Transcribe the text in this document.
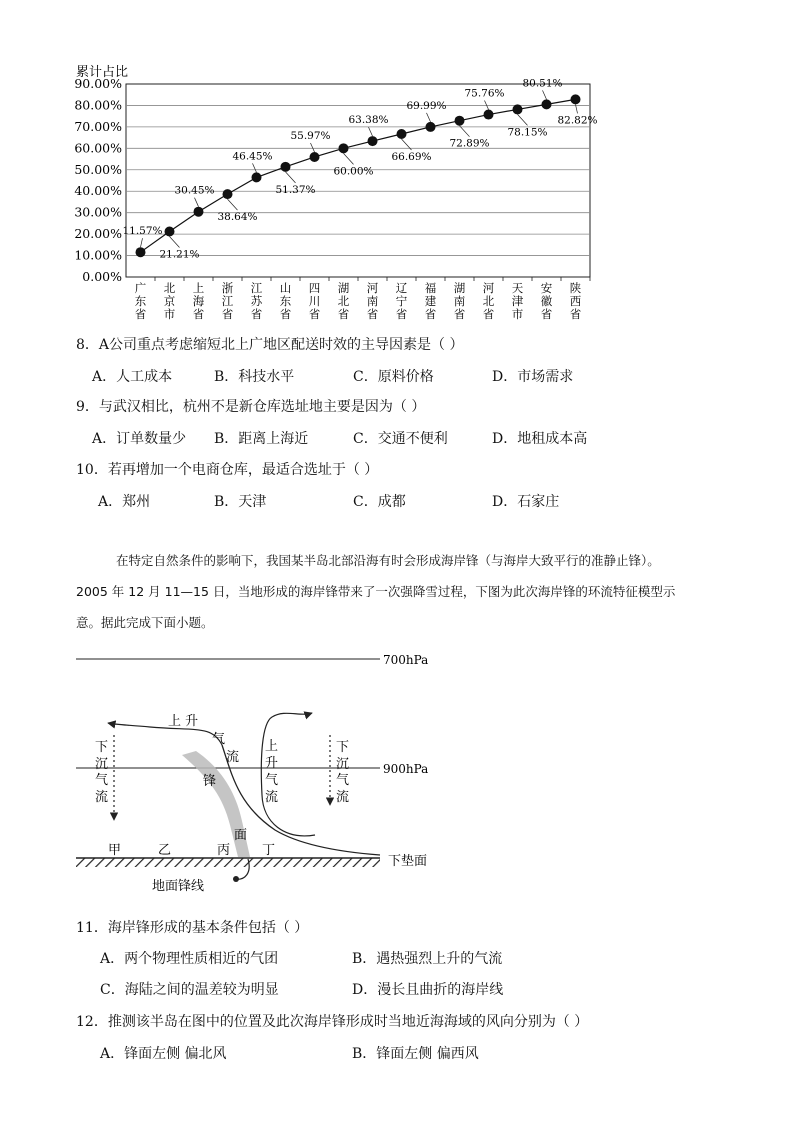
累计占比
0.00%
10.00%
20.00%
30.00%
40.00%
50.00%
60.00%
70.00%
80.00%
90.00%
广东省
北京市
上海省
浙江省
江苏省
山东省
四川省
湖北省
河南省
辽宁省
福建省
湖南省
河北省
天津市
安徽省
陕西省
11.57%
21.21%
30.45%
38.64%
46.45%
51.37%
55.97%
60.00%
63.38%
66.69%
69.99%
72.89%
75.76%
78.15%
80.51%
82.82%
8．A公司重点考虑缩短北上广地区配送时效的主导因素是（ ）
A．人工成本	B．科技水平	C．原料价格	D．市场需求
9．与武汉相比，杭州不是新仓库选址地主要是因为（ ）
A．订单数量少 B．距离上海近	C．交通不便利	D．地租成本高
10．若再增加一个电商仓库，最适合选址于（ ）
A．郑州	B．天津	C．成都	D．石家庄
在特定自然条件的影响下，我国某半岛北部沿海有时会形成海岸锋（与海岸大致平行的准静止锋）。
2005 年 12 月 11—15 日，当地形成的海岸锋带来了一次强降雪过程，下图为此次海岸锋的环流特征模型示
意。据此完成下面小题。
700hPa
900hPa
下
沉
气
流
下
沉
气
流
上 升
气
流
上
升
气
流
锋
面
甲	乙	丙 丁
下垫面
地面锋线
11．海岸锋形成的基本条件包括（ ）
A．两个物理性质相近的气团	B．遇热强烈上升的气流
C．海陆之间的温差较为明显	D．漫长且曲折的海岸线
12．推测该半岛在图中的位置及此次海岸锋形成时当地近海海域的风向分别为（ ）
A．锋面左侧 偏北风	B．锋面左侧 偏西风
